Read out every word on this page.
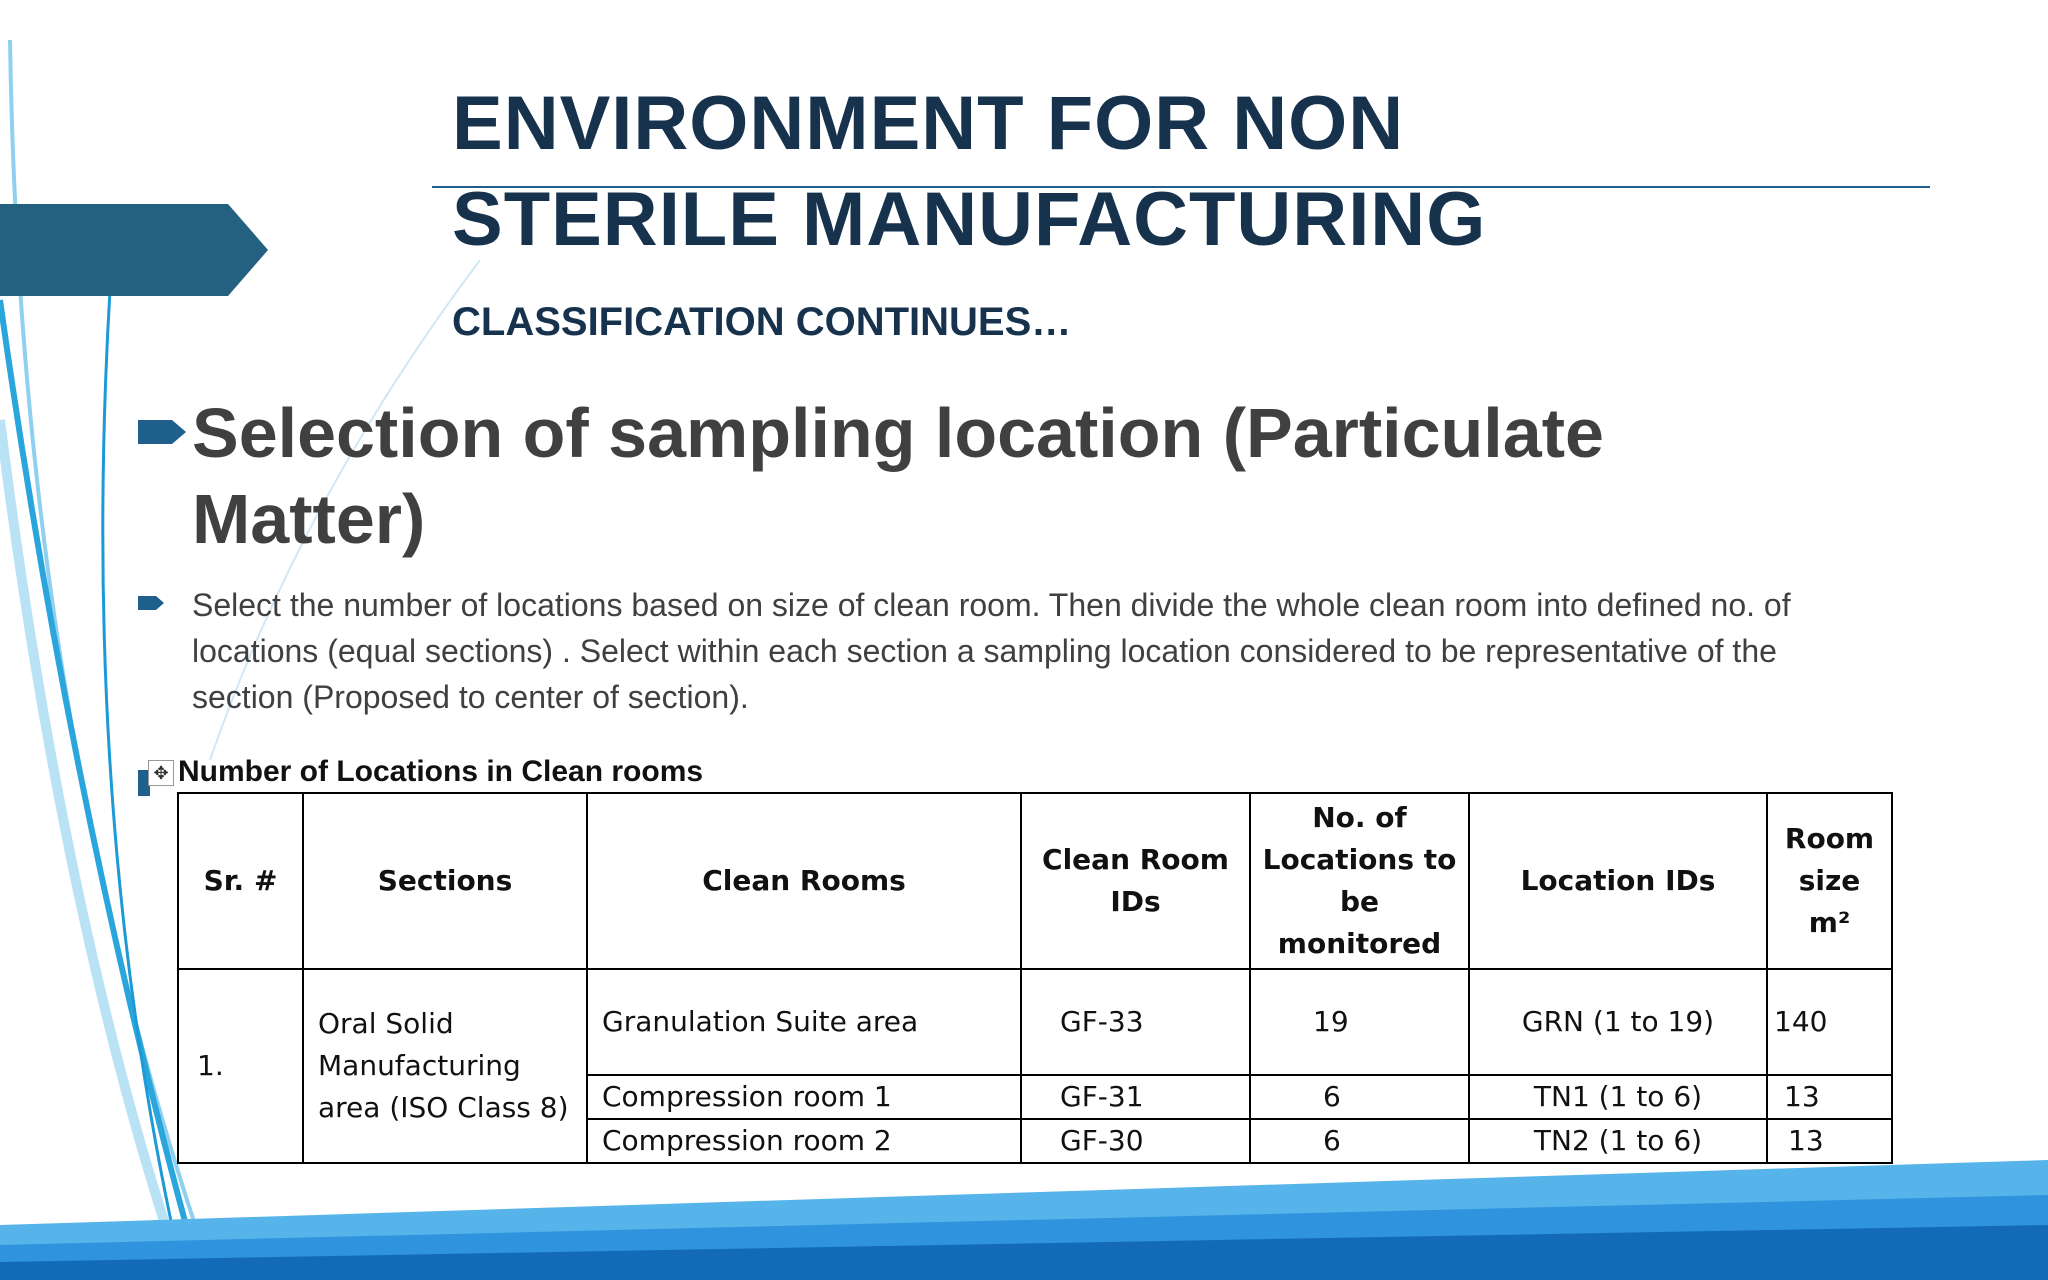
ENVIRONMENT FOR NON STERILE MANUFACTURING
CLASSIFICATION CONTINUES…
Selection of sampling location (Particulate Matter)

Select the number of locations based on size of clean room. Then divide the whole clean room into defined no. of locations (equal sections) . Select within each section a sampling location considered to be representative of the section (Proposed to center of section).

✥ Number of Locations in Clean rooms

Sr. #	Sections	Clean Rooms	Clean Room IDs	No. of Locations to be monitored	Location IDs	Room size m²
1.	Oral Solid Manufacturing area (ISO Class 8)	Granulation Suite area	GF-33	19	GRN (1 to 19)	140
		Compression room 1	GF-31	6	TN1 (1 to 6)	13
		Compression room 2	GF-30	6	TN2 (1 to 6)	13
